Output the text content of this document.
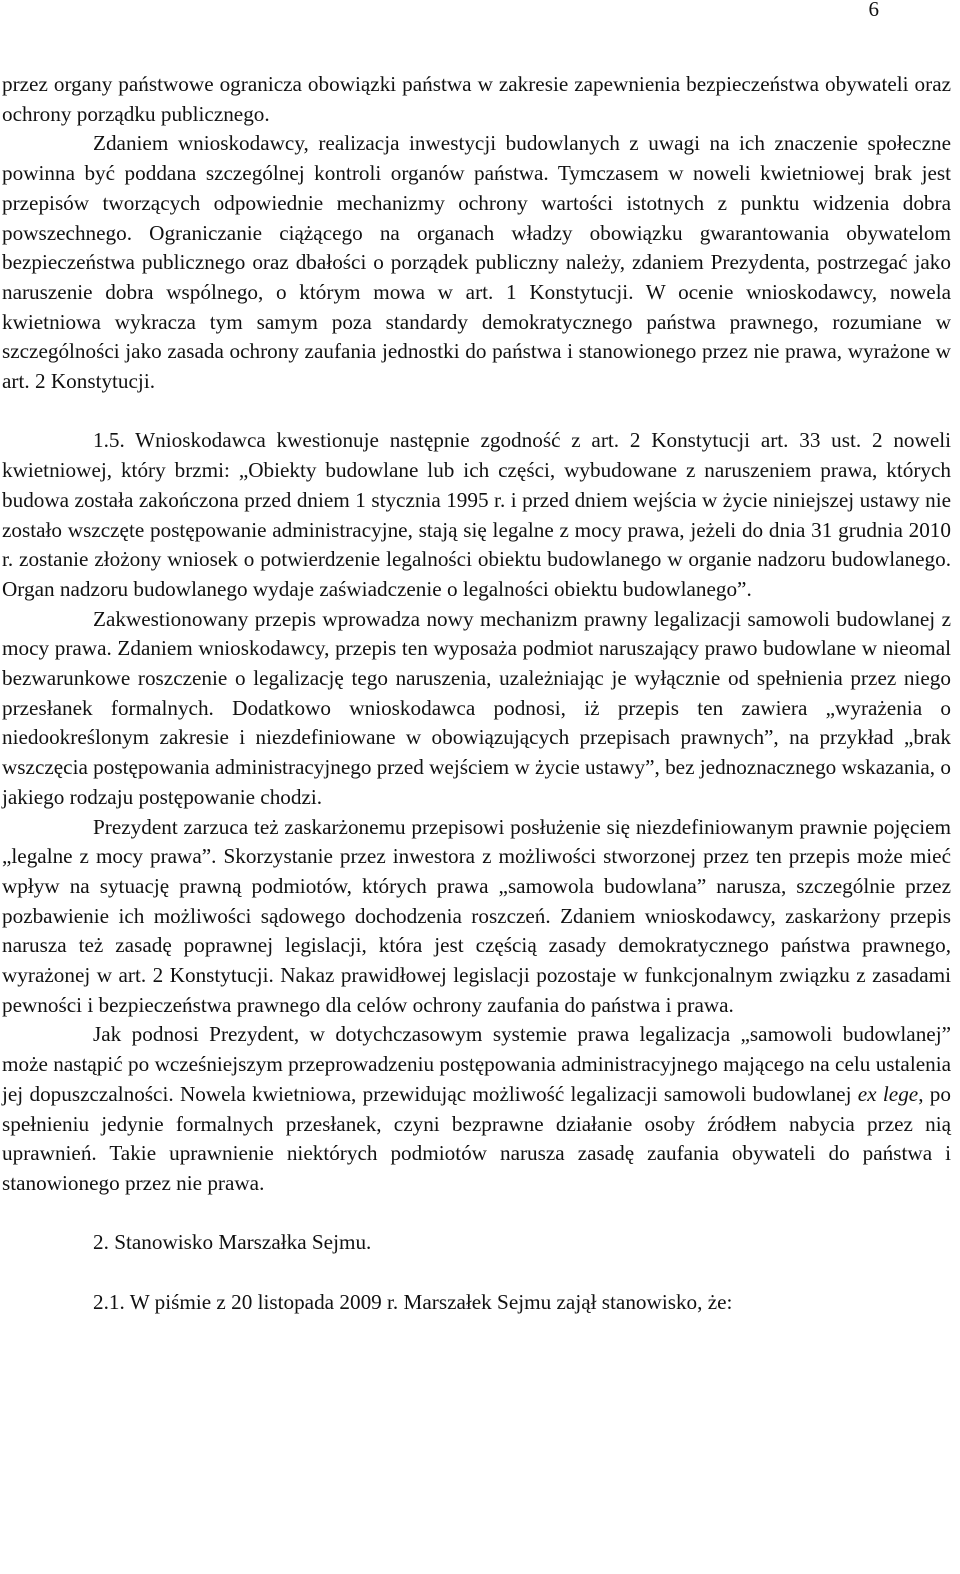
6

przez organy państwowe ogranicza obowiązki państwa w zakresie zapewnienia bezpieczeństwa obywateli oraz ochrony porządku publicznego.

Zdaniem wnioskodawcy, realizacja inwestycji budowlanych z uwagi na ich znaczenie społeczne powinna być poddana szczególnej kontroli organów państwa. Tymczasem w noweli kwietniowej brak jest przepisów tworzących odpowiednie mechanizmy ochrony wartości istotnych z punktu widzenia dobra powszechnego. Ograniczanie ciążącego na organach władzy obowiązku gwarantowania obywatelom bezpieczeństwa publicznego oraz dbałości o porządek publiczny należy, zdaniem Prezydenta, postrzegać jako naruszenie dobra wspólnego, o którym mowa w art. 1 Konstytucji. W ocenie wnioskodawcy, nowela kwietniowa wykracza tym samym poza standardy demokratycznego państwa prawnego, rozumiane w szczególności jako zasada ochrony zaufania jednostki do państwa i stanowionego przez nie prawa, wyrażone w art. 2 Konstytucji.

1.5. Wnioskodawca kwestionuje następnie zgodność z art. 2 Konstytucji art. 33 ust. 2 noweli kwietniowej, który brzmi: „Obiekty budowlane lub ich części, wybudowane z naruszeniem prawa, których budowa została zakończona przed dniem 1 stycznia 1995 r. i przed dniem wejścia w życie niniejszej ustawy nie zostało wszczęte postępowanie administracyjne, stają się legalne z mocy prawa, jeżeli do dnia 31 grudnia 2010 r. zostanie złożony wniosek o potwierdzenie legalności obiektu budowlanego w organie nadzoru budowlanego. Organ nadzoru budowlanego wydaje zaświadczenie o legalności obiektu budowlanego”.

Zakwestionowany przepis wprowadza nowy mechanizm prawny legalizacji samowoli budowlanej z mocy prawa. Zdaniem wnioskodawcy, przepis ten wyposaża podmiot naruszający prawo budowlane w nieomal bezwarunkowe roszczenie o legalizację tego naruszenia, uzależniając je wyłącznie od spełnienia przez niego przesłanek formalnych. Dodatkowo wnioskodawca podnosi, iż przepis ten zawiera „wyrażenia o niedookreślonym zakresie i niezdefiniowane w obowiązujących przepisach prawnych”, na przykład „brak wszczęcia postępowania administracyjnego przed wejściem w życie ustawy”, bez jednoznacznego wskazania, o jakiego rodzaju postępowanie chodzi.

Prezydent zarzuca też zaskarżonemu przepisowi posłużenie się niezdefiniowanym prawnie pojęciem „legalne z mocy prawa”. Skorzystanie przez inwestora z możliwości stworzonej przez ten przepis może mieć wpływ na sytuację prawną podmiotów, których prawa „samowola budowlana” narusza, szczególnie przez pozbawienie ich możliwości sądowego dochodzenia roszczeń. Zdaniem wnioskodawcy, zaskarżony przepis narusza też zasadę poprawnej legislacji, która jest częścią zasady demokratycznego państwa prawnego, wyrażonej w art. 2 Konstytucji. Nakaz prawidłowej legislacji pozostaje w funkcjonalnym związku z zasadami pewności i bezpieczeństwa prawnego dla celów ochrony zaufania do państwa i prawa.

Jak podnosi Prezydent, w dotychczasowym systemie prawa legalizacja „samowoli budowlanej” może nastąpić po wcześniejszym przeprowadzeniu postępowania administracyjnego mającego na celu ustalenia jej dopuszczalności. Nowela kwietniowa, przewidując możliwość legalizacji samowoli budowlanej ex lege, po spełnieniu jedynie formalnych przesłanek, czyni bezprawne działanie osoby źródłem nabycia przez nią uprawnień. Takie uprawnienie niektórych podmiotów narusza zasadę zaufania obywateli do państwa i stanowionego przez nie prawa.

2. Stanowisko Marszałka Sejmu.

2.1. W piśmie z 20 listopada 2009 r. Marszałek Sejmu zajął stanowisko, że:
